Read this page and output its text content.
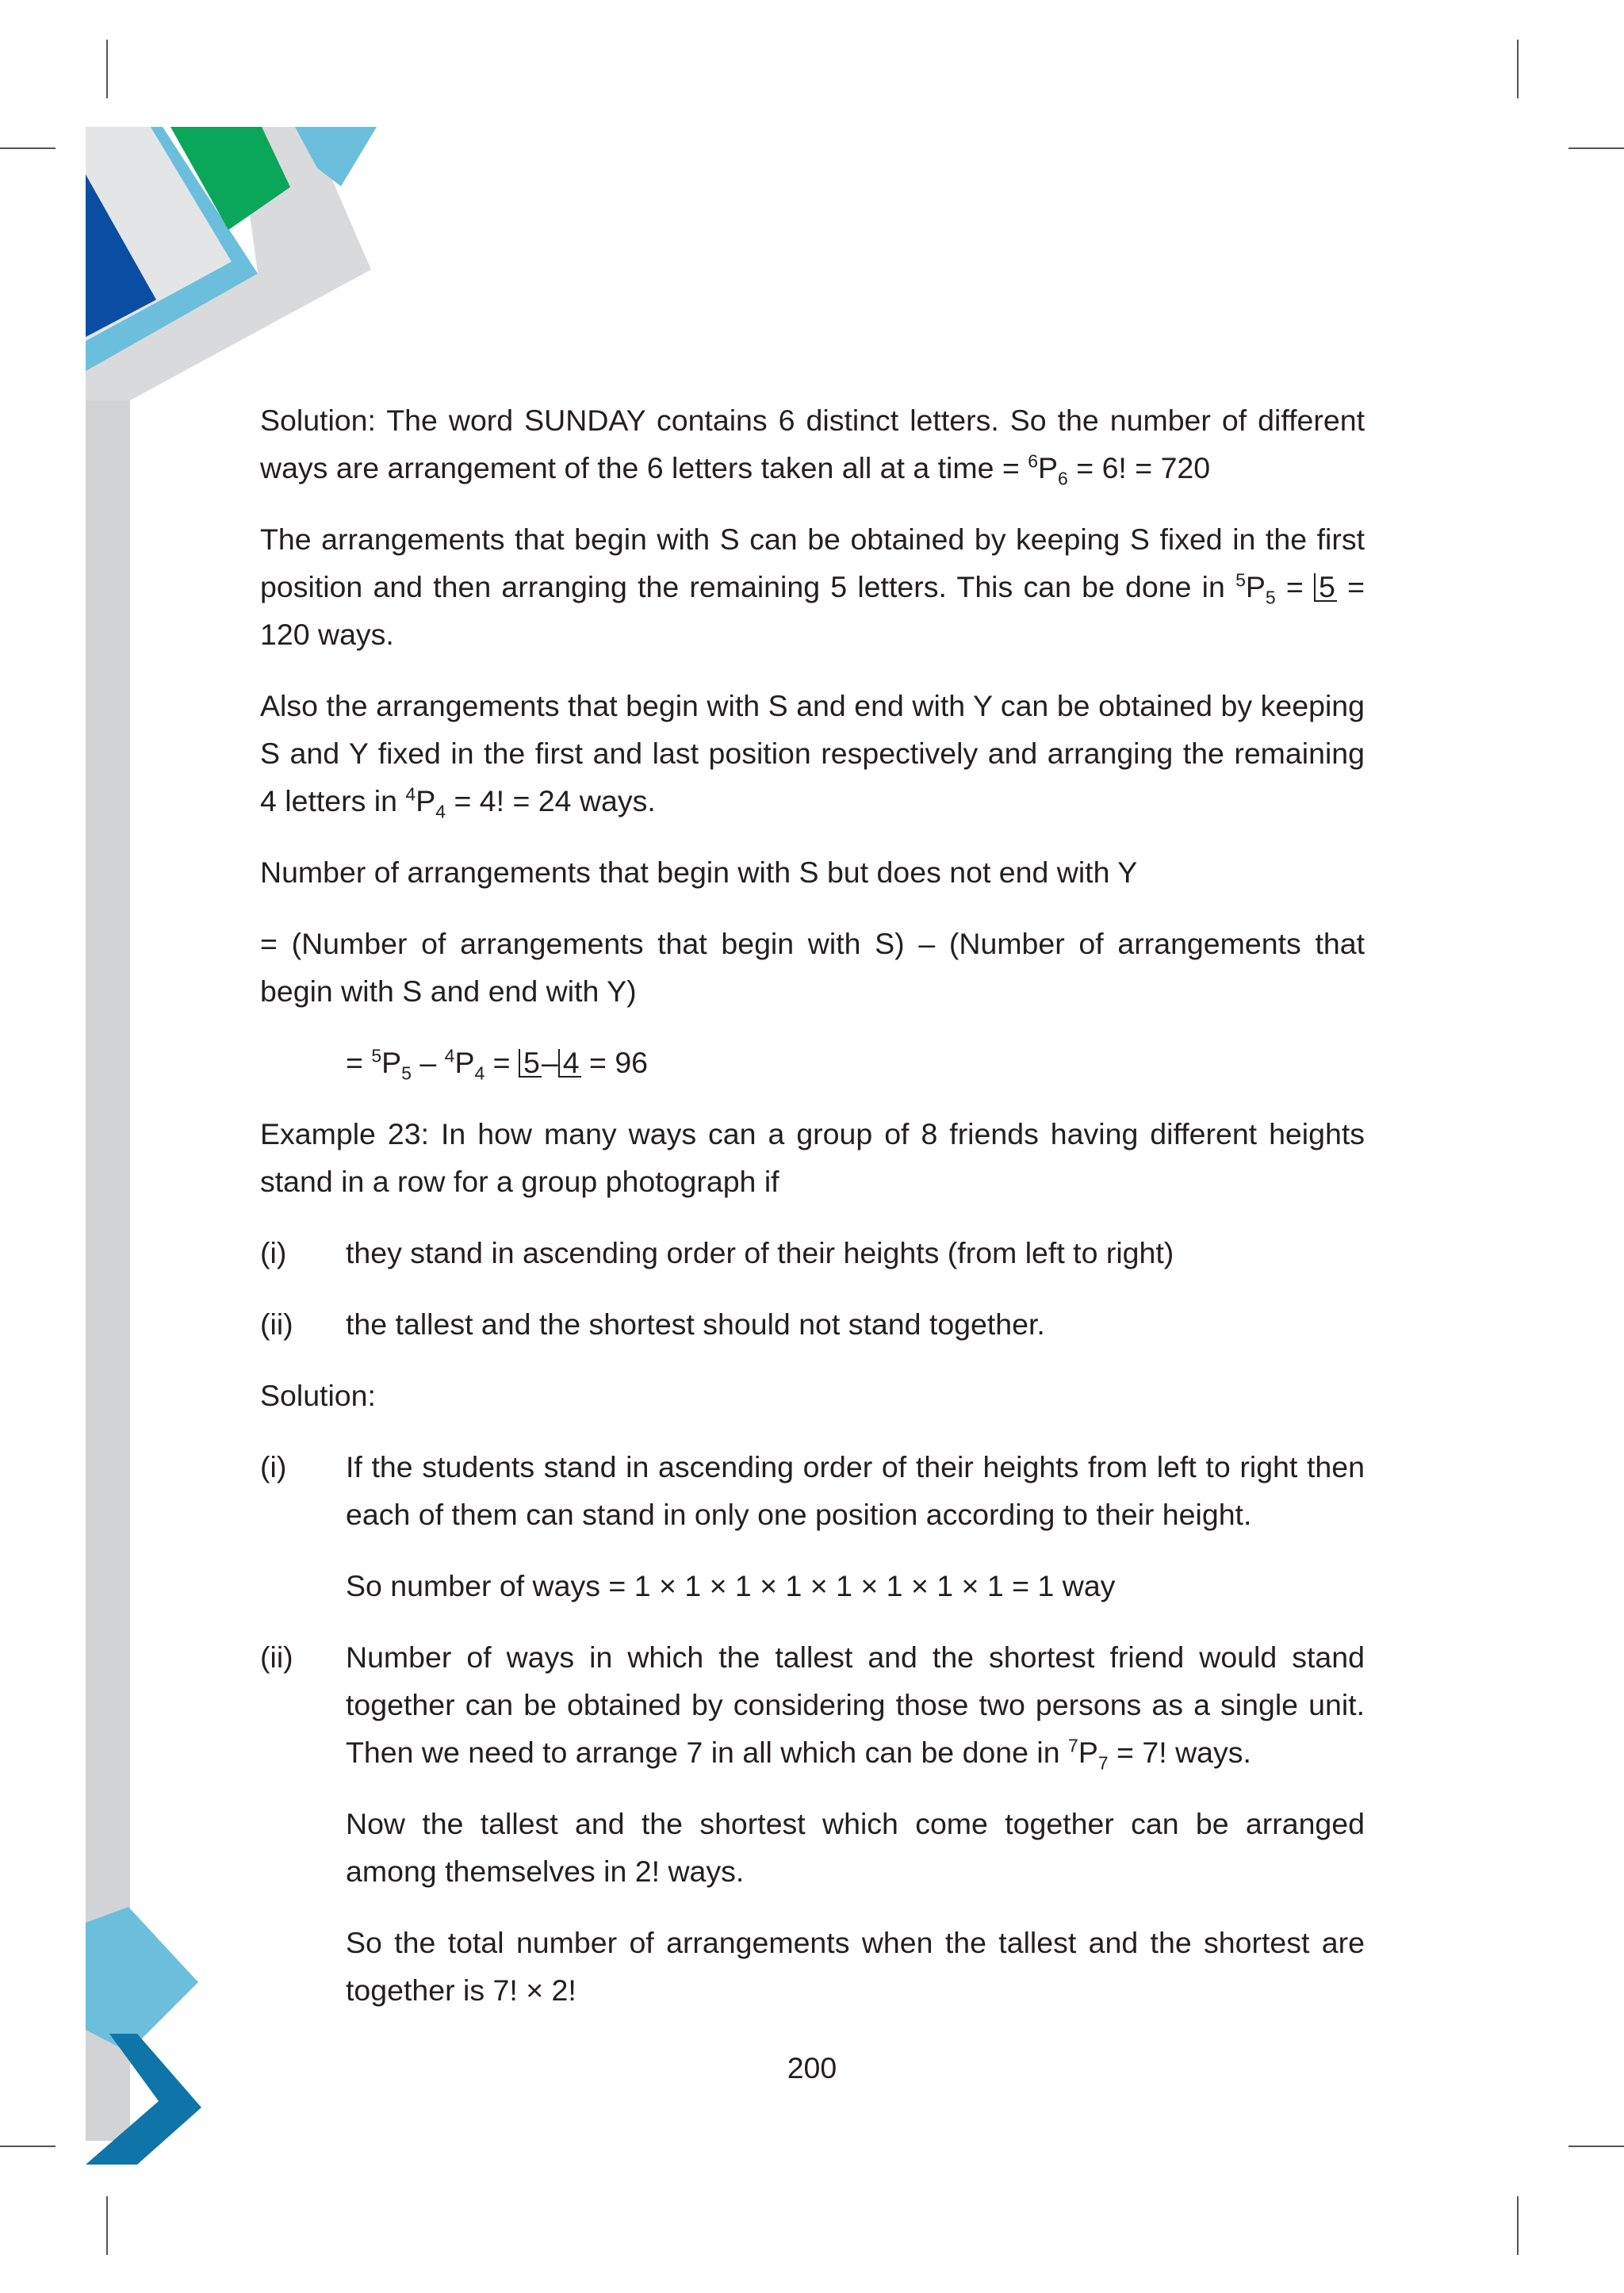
Solution: The word SUNDAY contains 6 distinct letters. So the number of different ways are arrangement of the 6 letters taken all at a time = $^6P_6 = 6$! = 720

The arrangements that begin with S can be obtained by keeping S fixed in the first position and then arranging the remaining 5 letters. This can be done in $^5P_5 = 5 = 120$ ways.

Also the arrangements that begin with S and end with Y can be obtained by keeping S and Y fixed in the first and last position respectively and arranging the remaining 4 letters in $^4P_4 = 4$! = 24 ways.

Number of arrangements that begin with S but does not end with Y

= (Number of arrangements that begin with S) – (Number of arrangements that begin with S and end with Y)

= $^5P_5 - ^4P_4 = 5-$ 4 = 96

Example 23: In how many ways can a group of 8 friends having different heights stand in a row for a group photograph if

(i)	they stand in ascending order of their heights (from left to right)
(ii)	the tallest and the shortest should not stand together.

Solution:

(i)	If the students stand in ascending order of their heights from left to right then each of them can stand in only one position according to their height.

So number of ways = 1 × 1 × 1 × 1 × 1 × 1 × 1 × 1 = 1 way

(ii)	Number of ways in which the tallest and the shortest friend would stand together can be obtained by considering those two persons as a single unit. Then we need to arrange 7 in all which can be done in $^7P_7 = 7$! ways.

Now the tallest and the shortest which come together can be arranged among themselves in 2! ways.

So the total number of arrangements when the tallest and the shortest are together is 7! × 2!

200
